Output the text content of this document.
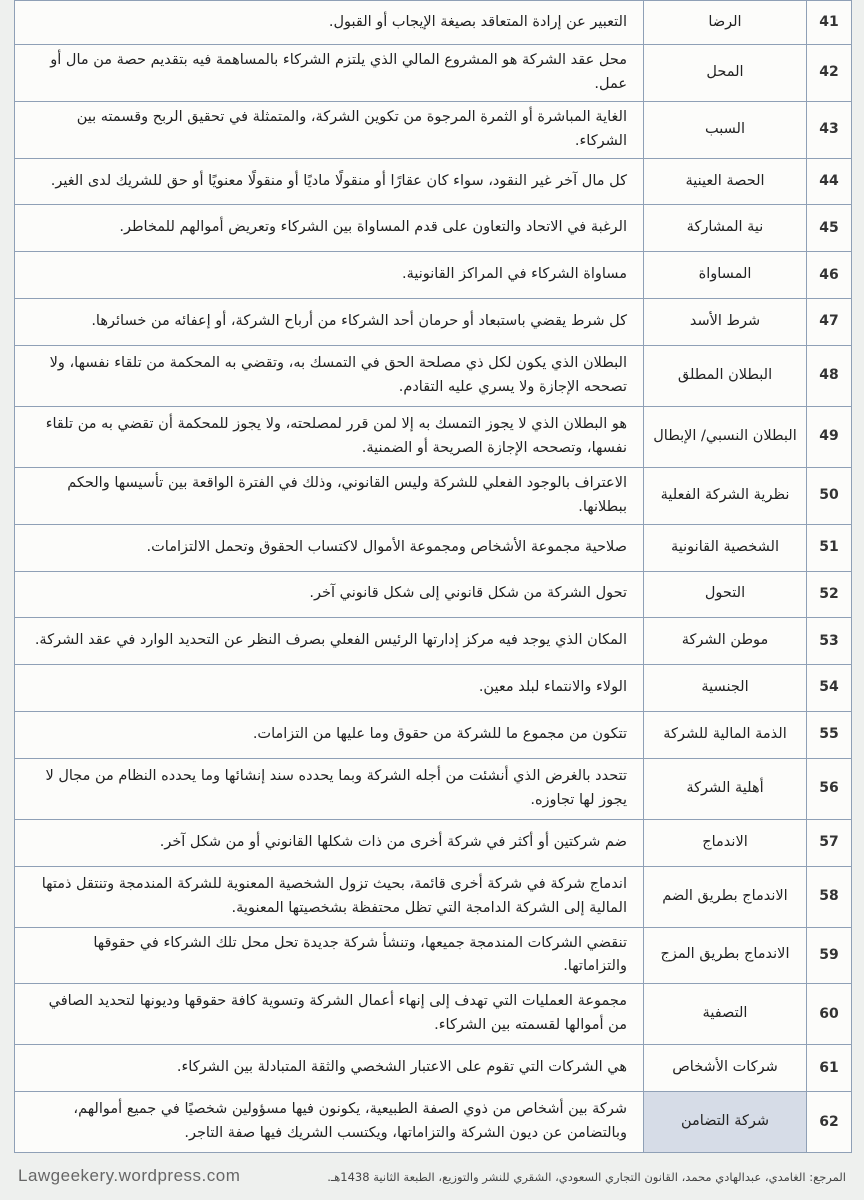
41	الرضا	التعبير عن إرادة المتعاقد بصيغة الإيجاب أو القبول.
42	المحل	محل عقد الشركة هو المشروع المالي الذي يلتزم الشركاء بالمساهمة فيه بتقديم حصة من مال أو عمل.
43	السبب	الغاية المباشرة أو الثمرة المرجوة من تكوين الشركة، والمتمثلة في تحقيق الربح وقسمته بين الشركاء.
44	الحصة العينية	كل مال آخر غير النقود، سواء كان عقارًا أو منقولًا ماديًا أو منقولًا معنويًا أو حق للشريك لدى الغير.
45	نية المشاركة	الرغبة في الاتحاد والتعاون على قدم المساواة بين الشركاء وتعريض أموالهم للمخاطر.
46	المساواة	مساواة الشركاء في المراكز القانونية.
47	شرط الأسد	كل شرط يقضي باستبعاد أو حرمان أحد الشركاء من أرباح الشركة، أو إعفائه من خسائرها.
48	البطلان المطلق	البطلان الذي يكون لكل ذي مصلحة الحق في التمسك به، وتقضي به المحكمة من تلقاء نفسها، ولا تصححه الإجازة ولا يسري عليه التقادم.
49	البطلان النسبي/ الإبطال	هو البطلان الذي لا يجوز التمسك به إلا لمن قرر لمصلحته، ولا يجوز للمحكمة أن تقضي به من تلقاء نفسها، وتصححه الإجازة الصريحة أو الضمنية.
50	نظرية الشركة الفعلية	الاعتراف بالوجود الفعلي للشركة وليس القانوني، وذلك في الفترة الواقعة بين تأسيسها والحكم ببطلانها.
51	الشخصية القانونية	صلاحية مجموعة الأشخاص ومجموعة الأموال لاكتساب الحقوق وتحمل الالتزامات.
52	التحول	تحول الشركة من شكل قانوني إلى شكل قانوني آخر.
53	موطن الشركة	المكان الذي يوجد فيه مركز إدارتها الرئيس الفعلي بصرف النظر عن التحديد الوارد في عقد الشركة.
54	الجنسية	الولاء والانتماء لبلد معين.
55	الذمة المالية للشركة	تتكون من مجموع ما للشركة من حقوق وما عليها من التزامات.
56	أهلية الشركة	تتحدد بالغرض الذي أنشئت من أجله الشركة وبما يحدده سند إنشائها وما يحدده النظام من مجال لا يجوز لها تجاوزه.
57	الاندماج	ضم شركتين أو أكثر في شركة أخرى من ذات شكلها القانوني أو من شكل آخر.
58	الاندماج بطريق الضم	اندماج شركة في شركة أخرى قائمة، بحيث تزول الشخصية المعنوية للشركة المندمجة وتنتقل ذمتها المالية إلى الشركة الدامجة التي تظل محتفظة بشخصيتها المعنوية.
59	الاندماج بطريق المزج	تنقضي الشركات المندمجة جميعها، وتنشأ شركة جديدة تحل محل تلك الشركاء في حقوقها والتزاماتها.
60	التصفية	مجموعة العمليات التي تهدف إلى إنهاء أعمال الشركة وتسوية كافة حقوقها وديونها لتحديد الصافي من أموالها لقسمته بين الشركاء.
61	شركات الأشخاص	هي الشركات التي تقوم على الاعتبار الشخصي والثقة المتبادلة بين الشركاء.
62	شركة التضامن	شركة بين أشخاص من ذوي الصفة الطبيعية، يكونون فيها مسؤولين شخصيًا في جميع أموالهم، وبالتضامن عن ديون الشركة والتزاماتها، ويكتسب الشريك فيها صفة التاجر.
Lawgeekery.wordpress.com	المرجع: الغامدي، عبدالهادي محمد، القانون التجاري السعودي، الشقري للنشر والتوزيع، الطبعة الثانية 1438هـ.
